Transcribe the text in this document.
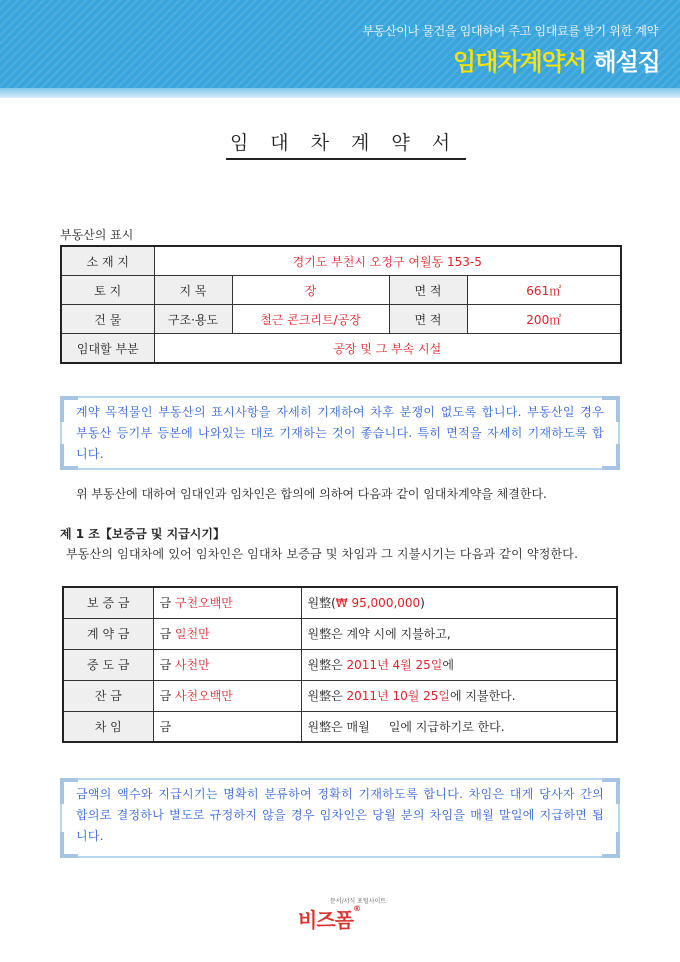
부동산이나 물건을 임대하여 주고 임대료를 받기 위한 계약
임대차계약서 해설집
임대차계약서
부동산의 표시
소 재 지	경기도 부천시 오정구 여월동 153-5			
토 지	지 목	장	면 적	661㎡
건 물	구조·용도	철근 콘크리트/공장	면 적	200㎡
임대할 부분	공장 및 그 부속 시설			
계약 목적물인 부동산의 표시사항을 자세히 기재하여 차후 분쟁이 없도록 합니다. 부동산일 경우 부동산 등기부 등본에 나와있는 대로 기재하는 것이 좋습니다. 특히 면적을 자세히 기재하도록 합니다.
위 부동산에 대하여 임대인과 임차인은 합의에 의하여 다음과 같이 임대차계약을 체결한다.
제 1 조【보증금 및 지급시기】
부동산의 임대차에 있어 임차인은 임대차 보증금 및 차임과 그 지불시기는 다음과 같이 약정한다.
보 증 금	금 구천오백만	원整(₩ 95,000,000)
계 약 금	금 일천만	원整은 계약 시에 지불하고,
중 도 금	금 사천만	원整은 2011년 4월 25일에
잔 금	금 사천오백만	원整은 2011년 10월 25일에 지불한다.
차 임	금	원整은 매월     일에 지급하기로 한다.
금액의 액수와 지급시기는 명확히 분류하여 정확히 기재하도록 합니다. 차임은 대게 당사자 간의 합의로 결정하나 별도로 규정하지 않을 경우 임차인은 당월 분의 차임을 매월 말일에 지급하면 됩니다.
문서/서식 포털사이트
비즈폼®
